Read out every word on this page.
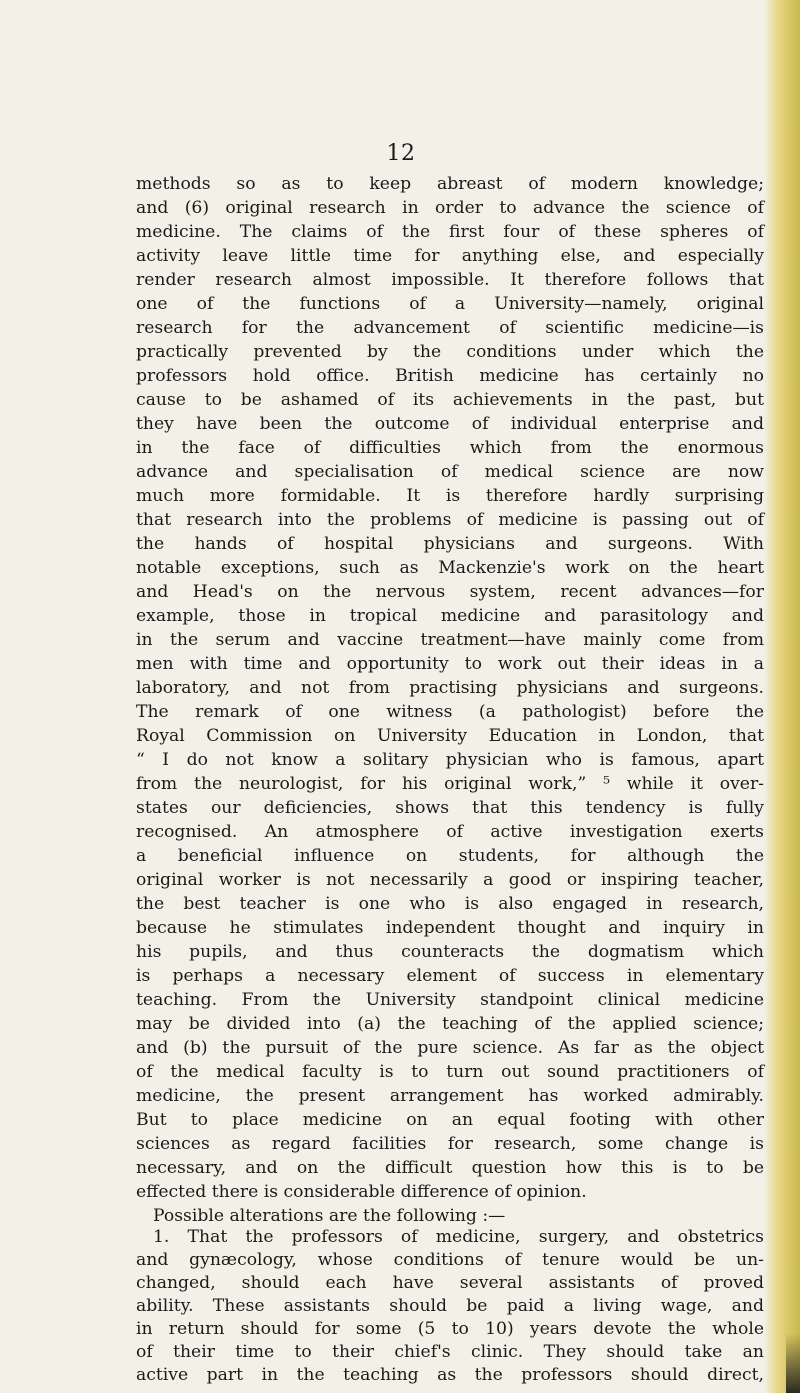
12
methods so as to keep abreast of modern knowledge;
and (6) original research in order to advance the science of
medicine. The claims of the first four of these spheres of
activity leave little time for anything else, and especially
render research almost impossible. It therefore follows that
one of the functions of a University—namely, original
research for the advancement of scientific medicine—is
practically prevented by the conditions under which the
professors hold office. British medicine has certainly no
cause to be ashamed of its achievements in the past, but
they have been the outcome of individual enterprise and
in the face of difficulties which from the enormous
advance and specialisation of medical science are now
much more formidable. It is therefore hardly surprising
that research into the problems of medicine is passing out of
the hands of hospital physicians and surgeons. With
notable exceptions, such as Mackenzie's work on the heart
and Head's on the nervous system, recent advances—for
example, those in tropical medicine and parasitology and
in the serum and vaccine treatment—have mainly come from
men with time and opportunity to work out their ideas in a
laboratory, and not from practising physicians and surgeons.
The remark of one witness (a pathologist) before the
Royal Commission on University Education in London, that
“ I do not know a solitary physician who is famous, apart
from the neurologist, for his original work,” ⁵ while it over-
states our deficiencies, shows that this tendency is fully
recognised. An atmosphere of active investigation exerts
a beneficial influence on students, for although the
original worker is not necessarily a good or inspiring teacher,
the best teacher is one who is also engaged in research,
because he stimulates independent thought and inquiry in
his pupils, and thus counteracts the dogmatism which
is perhaps a necessary element of success in elementary
teaching. From the University standpoint clinical medicine
may be divided into (a) the teaching of the applied science;
and (b) the pursuit of the pure science. As far as the object
of the medical faculty is to turn out sound practitioners of
medicine, the present arrangement has worked admirably.
But to place medicine on an equal footing with other
sciences as regard facilities for research, some change is
necessary, and on the difficult question how this is to be
effected there is considerable difference of opinion.
Possible alterations are the following :—
1. That the professors of medicine, surgery, and obstetrics
and gynæcology, whose conditions of tenure would be un-
changed, should each have several assistants of proved
ability. These assistants should be paid a living wage, and
in return should for some (5 to 10) years devote the whole
of their time to their chief's clinic. They should take an
active part in the teaching as the professors should direct,
